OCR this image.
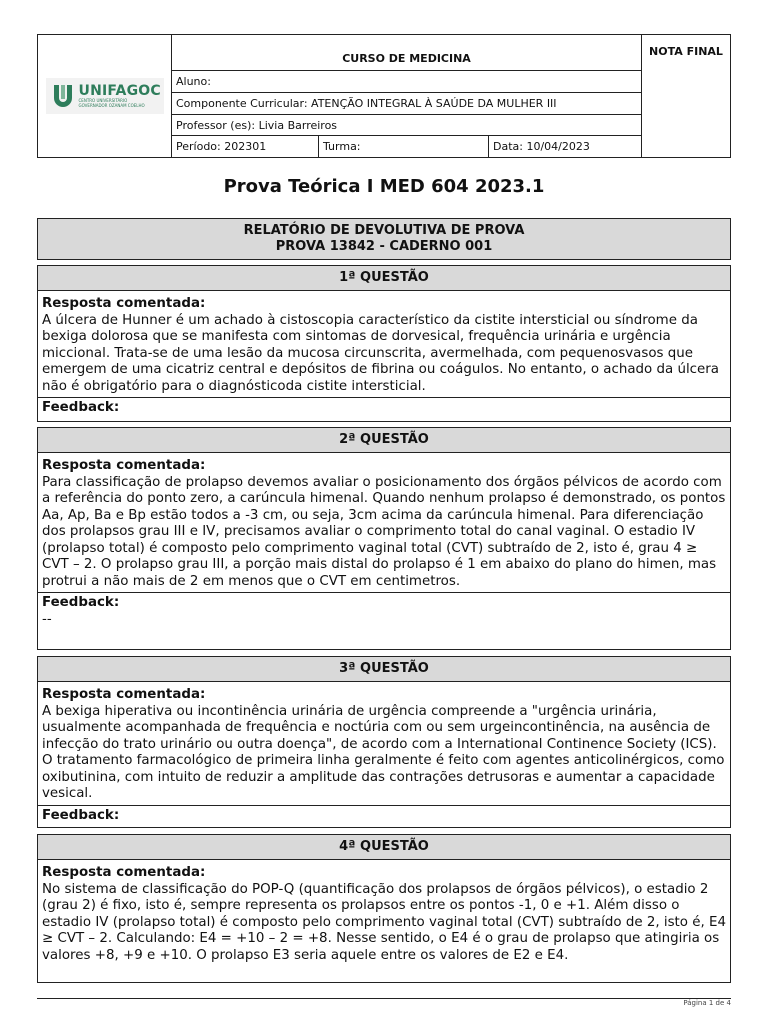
UNIFAGOC
CENTRO UNIVERSITÁRIO
GOVERNADOR OZANAM COELHO
CURSO DE MEDICINA
Aluno:
Componente Curricular: ATENÇÃO INTEGRAL À SAÚDE DA MULHER III
Professor (es): Livia Barreiros
Período: 202301	Turma:	Data: 10/04/2023
NOTA FINAL
Prova Teórica I MED 604 2023.1
RELATÓRIO DE DEVOLUTIVA DE PROVA
PROVA 13842 - CADERNO 001
1ª QUESTÃO
Resposta comentada:
A úlcera de Hunner é um achado à cistoscopia característico da cistite intersticial ou síndrome da bexiga dolorosa que se manifesta com sintomas de dorvesical, frequência urinária e urgência miccional. Trata-se de uma lesão da mucosa circunscrita, avermelhada, com pequenosvasos que emergem de uma cicatriz central e depósitos de fibrina ou coágulos. No entanto, o achado da úlcera não é obrigatório para o diagnósticoda cistite intersticial.
Feedback:
2ª QUESTÃO
Resposta comentada:
Para classificação de prolapso devemos avaliar o posicionamento dos órgãos pélvicos de acordo com a referência do ponto zero, a carúncula himenal. Quando nenhum prolapso é demonstrado, os pontos Aa, Ap, Ba e Bp estão todos a -3 cm, ou seja, 3cm acima da carúncula himenal. Para diferenciação dos prolapsos grau III e IV, precisamos avaliar o comprimento total do canal vaginal. O estadio IV (prolapso total) é composto pelo comprimento vaginal total (CVT) subtraído de 2, isto é, grau 4 ≥ CVT – 2. O prolapso grau III, a porção mais distal do prolapso é 1 em abaixo do plano do himen, mas protrui a não mais de 2 em menos que o CVT em centimetros.
Feedback:
--
3ª QUESTÃO
Resposta comentada:
A bexiga hiperativa ou incontinência urinária de urgência compreende a "urgência urinária, usualmente acompanhada de frequência e noctúria com ou sem urgeincontinência, na ausência de infecção do trato urinário ou outra doença", de acordo com a International Continence Society (ICS). O tratamento farmacológico de primeira linha geralmente é feito com agentes anticolinérgicos, como oxibutinina, com intuito de reduzir a amplitude das contrações detrusoras e aumentar a capacidade vesical.
Feedback:
4ª QUESTÃO
Resposta comentada:
No sistema de classificação do POP-Q (quantificação dos prolapsos de órgãos pélvicos), o estadio 2 (grau 2) é fixo, isto é, sempre representa os prolapsos entre os pontos -1, 0 e +1. Além disso o estadio IV (prolapso total) é composto pelo comprimento vaginal total (CVT) subtraído de 2, isto é, E4 ≥ CVT – 2. Calculando: E4 = +10 – 2 = +8. Nesse sentido, o E4 é o grau de prolapso que atingiria os valores +8, +9 e +10. O prolapso E3 seria aquele entre os valores de E2 e E4.
Página 1 de 4
